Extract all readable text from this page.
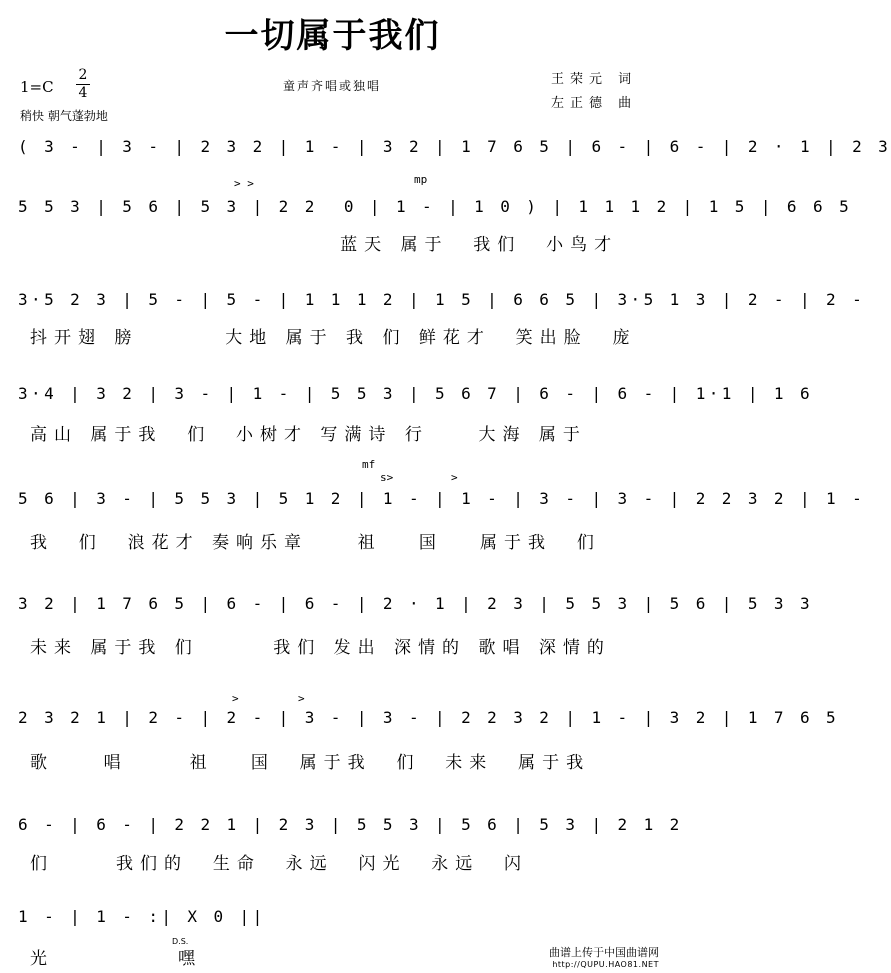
一切属于我们
1=C
2
4
稍快 朝气蓬勃地
童声齐唱或独唱	王荣元 词
左正德 曲
mp
> >
mf
s>	>
>	>
( 3 - | 3 - | 2 3 2 | 1 - | 3 2 | 1 7 6 5 | 6 - | 6 - | 2 · 1 | 2 3
5 5 3 | 5 6 | 5 3 | 2 2  0 | 1 - | 1 0 ) | 1 1 1 2 | 1 5 | 6 6 5
蓝天 属于  我们  小鸟才
3·5 2 3 | 5 - | 5 - | 1 1 1 2 | 1 5 | 6 6 5 | 3·5 1 3 | 2 - | 2 -
抖开翅 膀       大地 属于 我 们 鲜花才  笑出脸  庞
3·4 | 3 2 | 3 - | 1 - | 5 5 3 | 5 6 7 | 6 - | 6 - | 1·1 | 1 6
高山 属于我  们  小树才 写满诗 行    大海 属于
5 6 | 3 - | 5 5 3 | 5 1 2 | 1 - | 1 - | 3 - | 3 - | 2 2 3 2 | 1 -
我  们  浪花才 奏响乐章    祖   国   属于我  们
3 2 | 1 7 6 5 | 6 - | 6 - | 2 · 1 | 2 3 | 5 5 3 | 5 6 | 5 3 3
未来 属于我 们      我们 发出 深情的 歌唱 深情的
2 3 2 1 | 2 - | 2 - | 3 - | 3 - | 2 2 3 2 | 1 - | 3 2 | 1 7 6 5
歌    唱     祖   国  属于我  们  未来  属于我
6 - | 6 - | 2 2 1 | 2 3 | 5 5 3 | 5 6 | 5 3 | 2 1 2
们     我们的  生命  永远  闪光  永远  闪
1 - | 1 - :| X 0 ||
光          嘿
D.S.
曲谱上传于中国曲谱网
http://QUPU.HAO81.NET
